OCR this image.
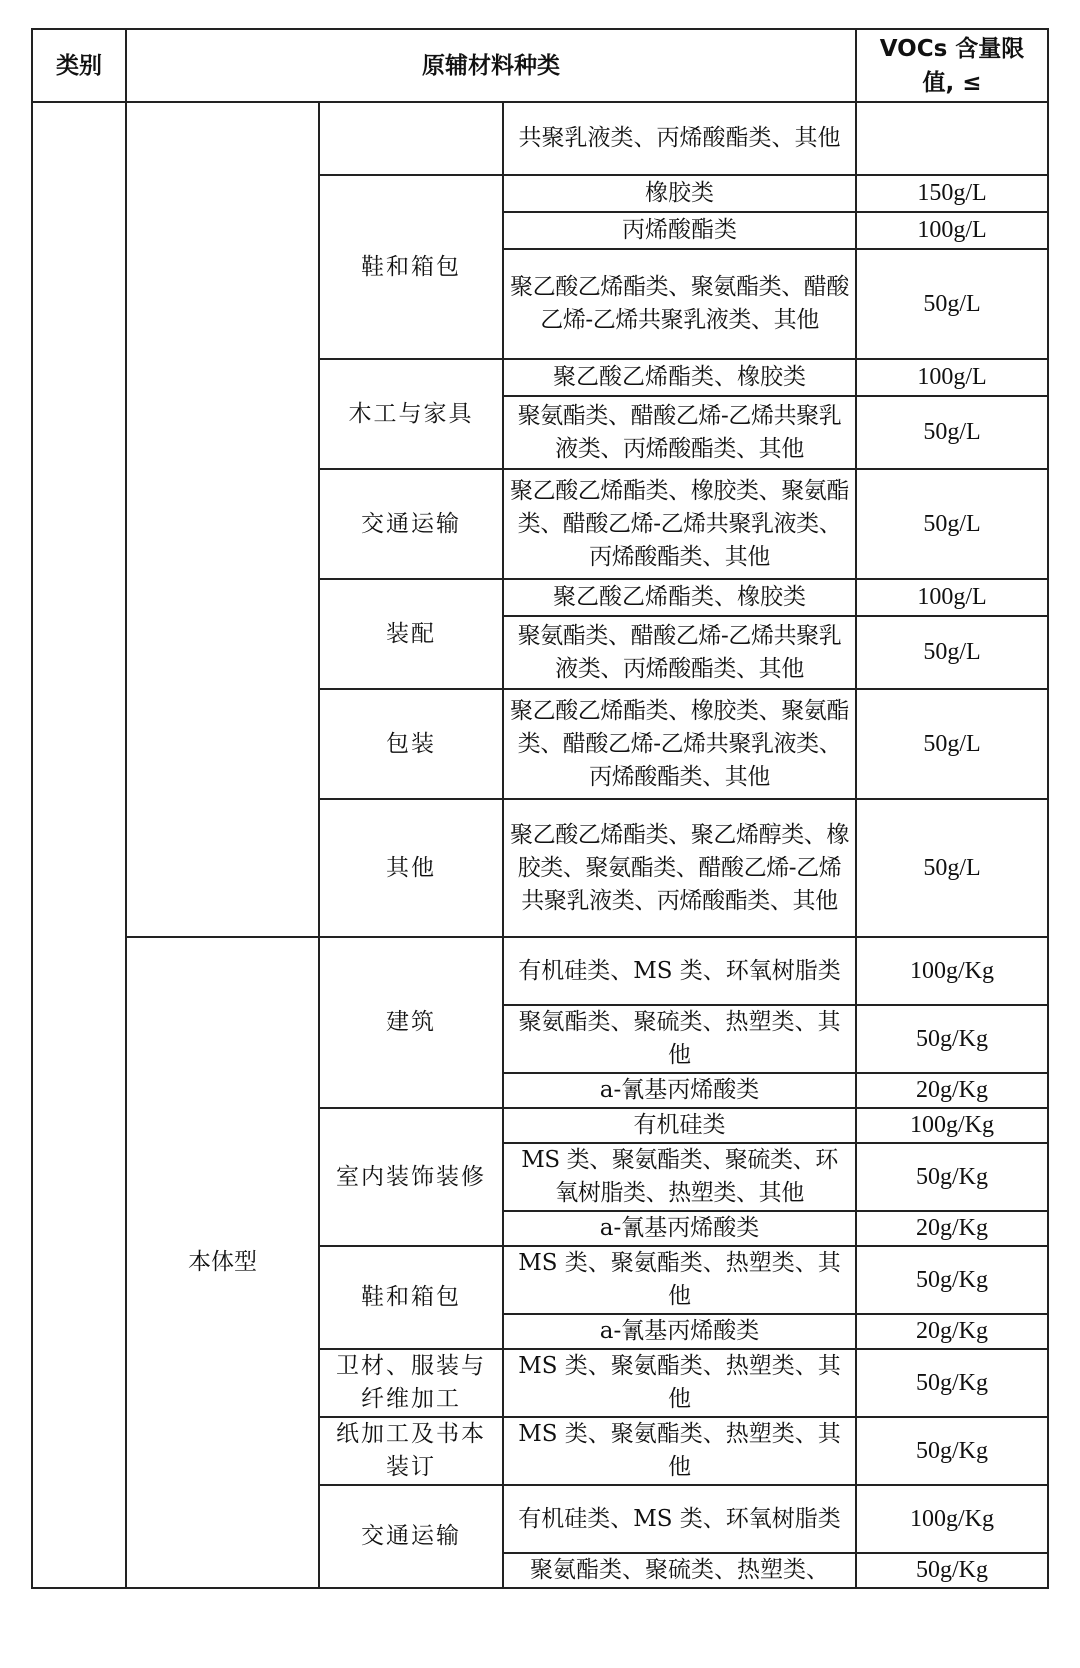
类别	原辅材料种类			VOCs 含量限值, ≤
			共聚乳液类、丙烯酸酯类、其他	
		鞋和箱包	橡胶类	150g/L
			丙烯酸酯类	100g/L
			聚乙酸乙烯酯类、聚氨酯类、醋酸乙烯-乙烯共聚乳液类、其他	50g/L
		木工与家具	聚乙酸乙烯酯类、橡胶类	100g/L
			聚氨酯类、醋酸乙烯-乙烯共聚乳液类、丙烯酸酯类、其他	50g/L
		交通运输	聚乙酸乙烯酯类、橡胶类、聚氨酯类、醋酸乙烯-乙烯共聚乳液类、丙烯酸酯类、其他	50g/L
		装配	聚乙酸乙烯酯类、橡胶类	100g/L
			聚氨酯类、醋酸乙烯-乙烯共聚乳液类、丙烯酸酯类、其他	50g/L
		包装	聚乙酸乙烯酯类、橡胶类、聚氨酯类、醋酸乙烯-乙烯共聚乳液类、丙烯酸酯类、其他	50g/L
		其他	聚乙酸乙烯酯类、聚乙烯醇类、橡胶类、聚氨酯类、醋酸乙烯-乙烯共聚乳液类、丙烯酸酯类、其他	50g/L
	本体型	建筑	有机硅类、MS 类、环氧树脂类	100g/Kg
			聚氨酯类、聚硫类、热塑类、其他	50g/Kg
			a-氰基丙烯酸类	20g/Kg
		室内装饰装修	有机硅类	100g/Kg
			MS 类、聚氨酯类、聚硫类、环氧树脂类、热塑类、其他	50g/Kg
			a-氰基丙烯酸类	20g/Kg
		鞋和箱包	MS 类、聚氨酯类、热塑类、其他	50g/Kg
			a-氰基丙烯酸类	20g/Kg
		卫材、服装与纤维加工	MS 类、聚氨酯类、热塑类、其他	50g/Kg
		纸加工及书本装订	MS 类、聚氨酯类、热塑类、其他	50g/Kg
		交通运输	有机硅类、MS 类、环氧树脂类	100g/Kg
			聚氨酯类、聚硫类、热塑类、	50g/Kg
